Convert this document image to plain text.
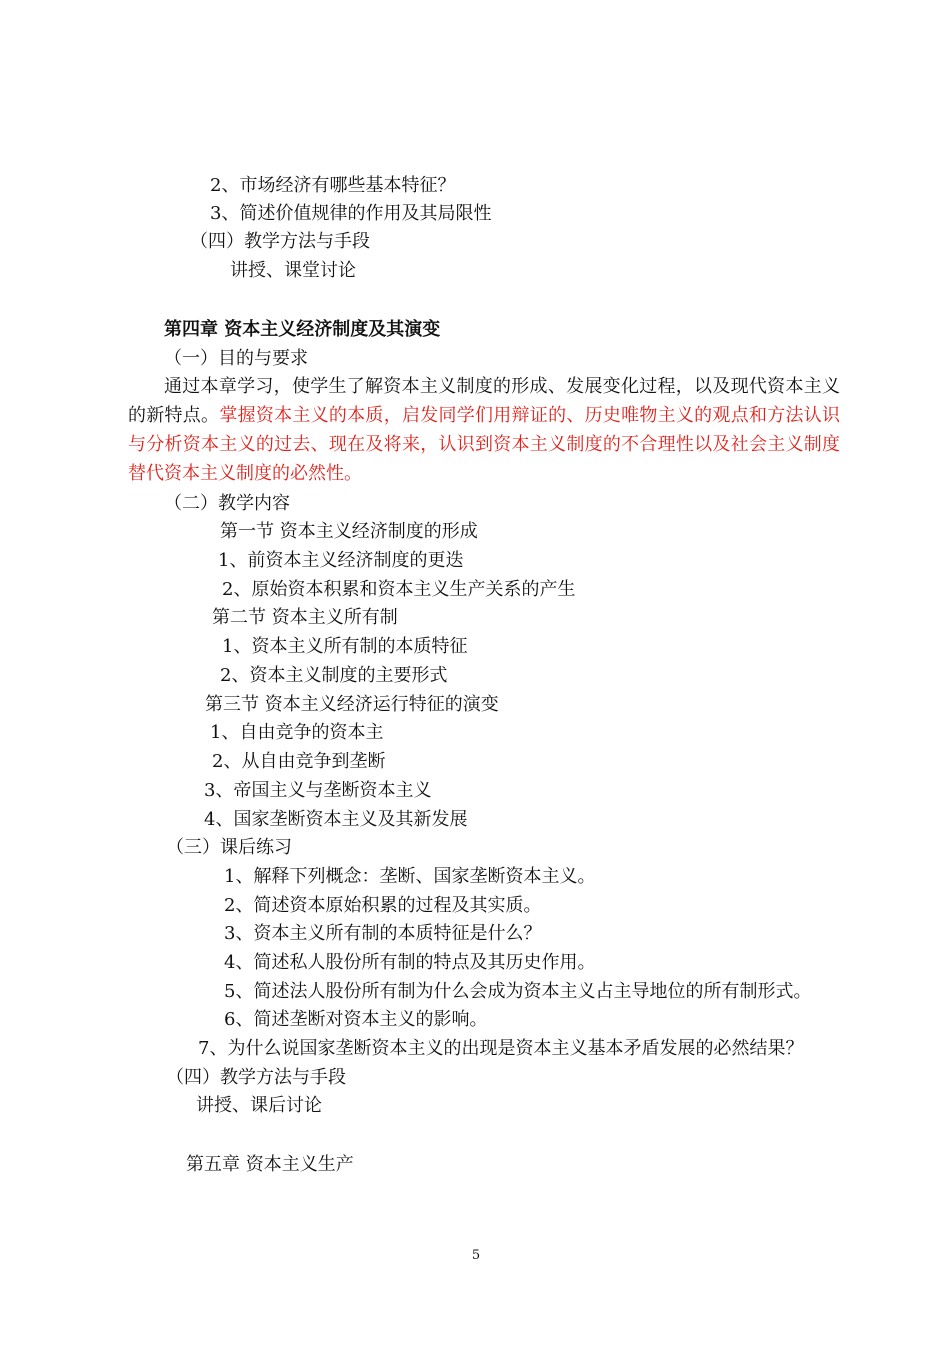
2、市场经济有哪些基本特征？
3、简述价值规律的作用及其局限性
（四）教学方法与手段
讲授、课堂讨论
第四章 资本主义经济制度及其演变
（一）目的与要求
通过本章学习，使学生了解资本主义制度的形成、发展变化过程，以及现代资本主义的新特点。掌握资本主义的本质，启发同学们用辩证的、历史唯物主义的观点和方法认识与分析资本主义的过去、现在及将来，认识到资本主义制度的不合理性以及社会主义制度替代资本主义制度的必然性。
（二）教学内容
第一节 资本主义经济制度的形成
1、前资本主义经济制度的更迭
2、原始资本积累和资本主义生产关系的产生
第二节 资本主义所有制
1、资本主义所有制的本质特征
2、资本主义制度的主要形式
第三节 资本主义经济运行特征的演变
1、自由竞争的资本主
2、从自由竞争到垄断
3、帝国主义与垄断资本主义
4、国家垄断资本主义及其新发展
（三）课后练习
1、解释下列概念：垄断、国家垄断资本主义。
2、简述资本原始积累的过程及其实质。
3、资本主义所有制的本质特征是什么？
4、简述私人股份所有制的特点及其历史作用。
5、简述法人股份所有制为什么会成为资本主义占主导地位的所有制形式。
6、简述垄断对资本主义的影响。
7、为什么说国家垄断资本主义的出现是资本主义基本矛盾发展的必然结果？
（四）教学方法与手段
讲授、课后讨论
第五章 资本主义生产
5
